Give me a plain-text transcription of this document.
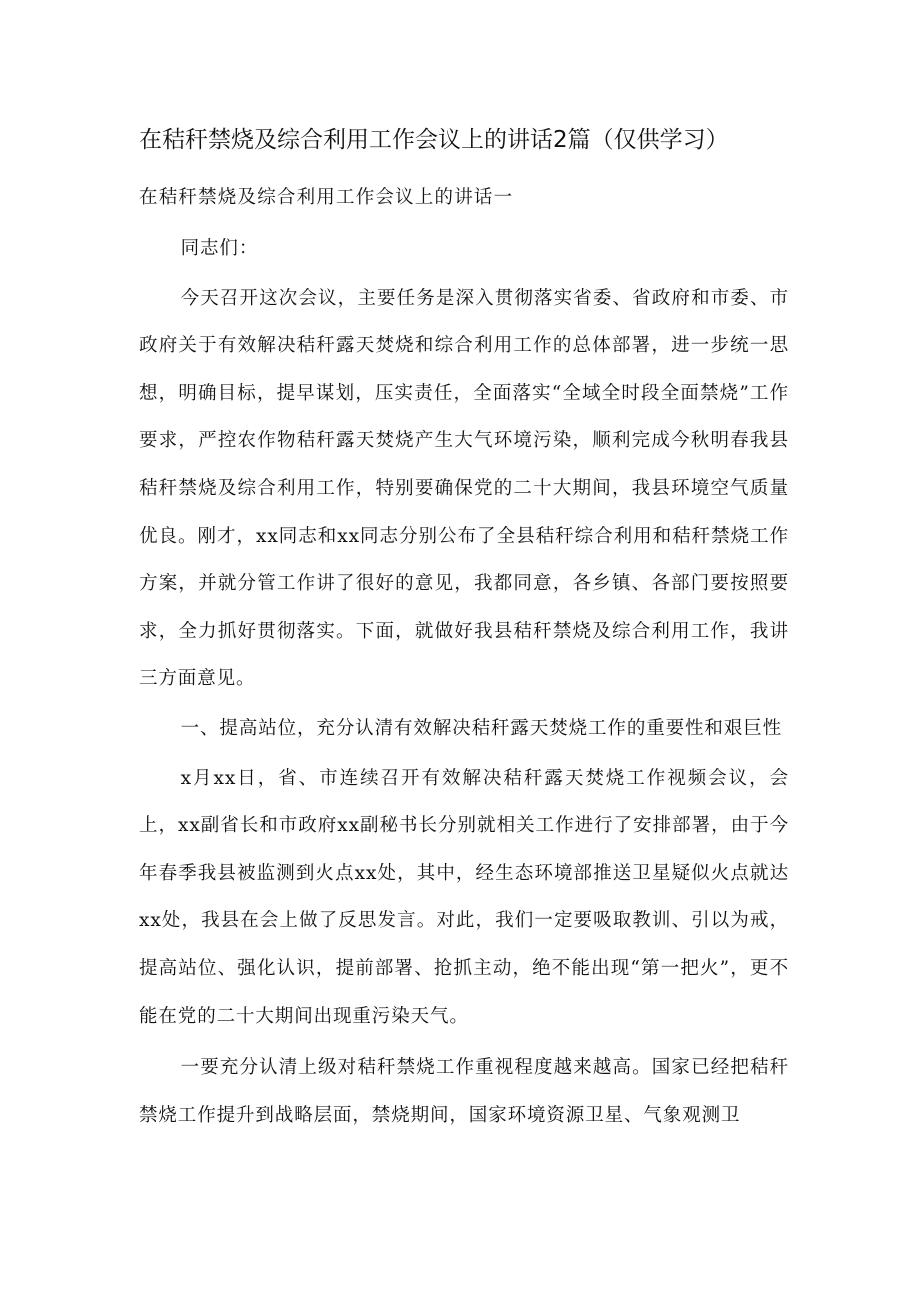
在秸秆禁烧及综合利用工作会议上的讲话2篇（仅供学习）

在秸秆禁烧及综合利用工作会议上的讲话一

同志们：

今天召开这次会议，主要任务是深入贯彻落实省委、省政府和市委、市政府关于有效解决秸秆露天焚烧和综合利用工作的总体部署，进一步统一思想，明确目标，提早谋划，压实责任，全面落实“全域全时段全面禁烧”工作要求，严控农作物秸秆露天焚烧产生大气环境污染，顺利完成今秋明春我县秸秆禁烧及综合利用工作，特别要确保党的二十大期间，我县环境空气质量优良。刚才，xx同志和xx同志分别公布了全县秸秆综合利用和秸秆禁烧工作方案，并就分管工作讲了很好的意见，我都同意，各乡镇、各部门要按照要求，全力抓好贯彻落实。下面，就做好我县秸秆禁烧及综合利用工作，我讲三方面意见。

一、提高站位，充分认清有效解决秸秆露天焚烧工作的重要性和艰巨性

x月xx日，省、市连续召开有效解决秸秆露天焚烧工作视频会议，会上，xx副省长和市政府xx副秘书长分别就相关工作进行了安排部署，由于今年春季我县被监测到火点xx处，其中，经生态环境部推送卫星疑似火点就达xx处，我县在会上做了反思发言。对此，我们一定要吸取教训、引以为戒，提高站位、强化认识，提前部署、抢抓主动，绝不能出现“第一把火”，更不能在党的二十大期间出现重污染天气。

一要充分认清上级对秸秆禁烧工作重视程度越来越高。国家已经把秸秆禁烧工作提升到战略层面，禁烧期间，国家环境资源卫星、气象观测卫
